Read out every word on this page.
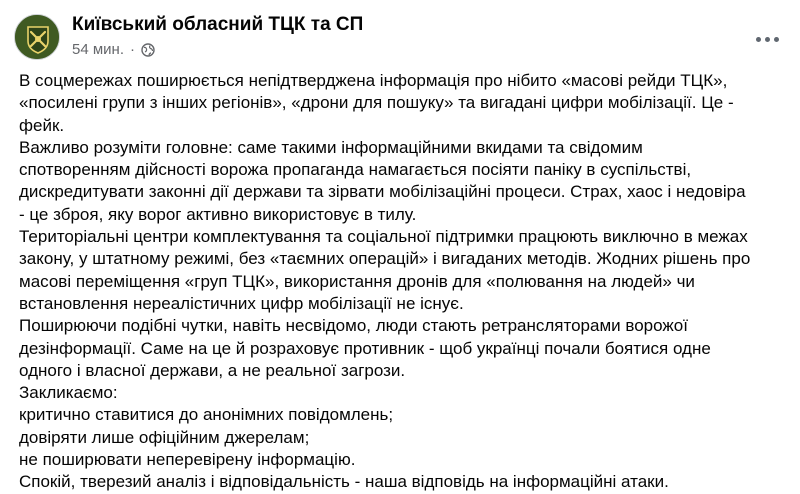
Київський обласний ТЦК та СП
54 мин. ·

В соцмережах поширюється непідтверджена інформація про нібито «масові рейди ТЦК»,

«посилені групи з інших регіонів», «дрони для пошуку» та вигадані цифри мобілізації. Це -

фейк.

Важливо розуміти головне: саме такими інформаційними вкидами та свідомим

спотворенням дійсності ворожа пропаганда намагається посіяти паніку в суспільстві,

дискредитувати законні дії держави та зірвати мобілізаційні процеси. Страх, хаос і недовіра

- це зброя, яку ворог активно використовує в тилу.

Територіальні центри комплектування та соціальної підтримки працюють виключно в межах

закону, у штатному режимі, без «таємних операцій» і вигаданих методів. Жодних рішень про

масові переміщення «груп ТЦК», використання дронів для «полювання на людей» чи

встановлення нереалістичних цифр мобілізації не існує.

Поширюючи подібні чутки, навіть несвідомо, люди стають ретрансляторами ворожої

дезінформації. Саме на це й розраховує противник - щоб українці почали боятися одне

одного і власної держави, а не реальної загрози.

Закликаємо:

критично ставитися до анонімних повідомлень;

довіряти лише офіційним джерелам;

не поширювати неперевірену інформацію.

Спокій, тверезий аналіз і відповідальність - наша відповідь на інформаційні атаки.
